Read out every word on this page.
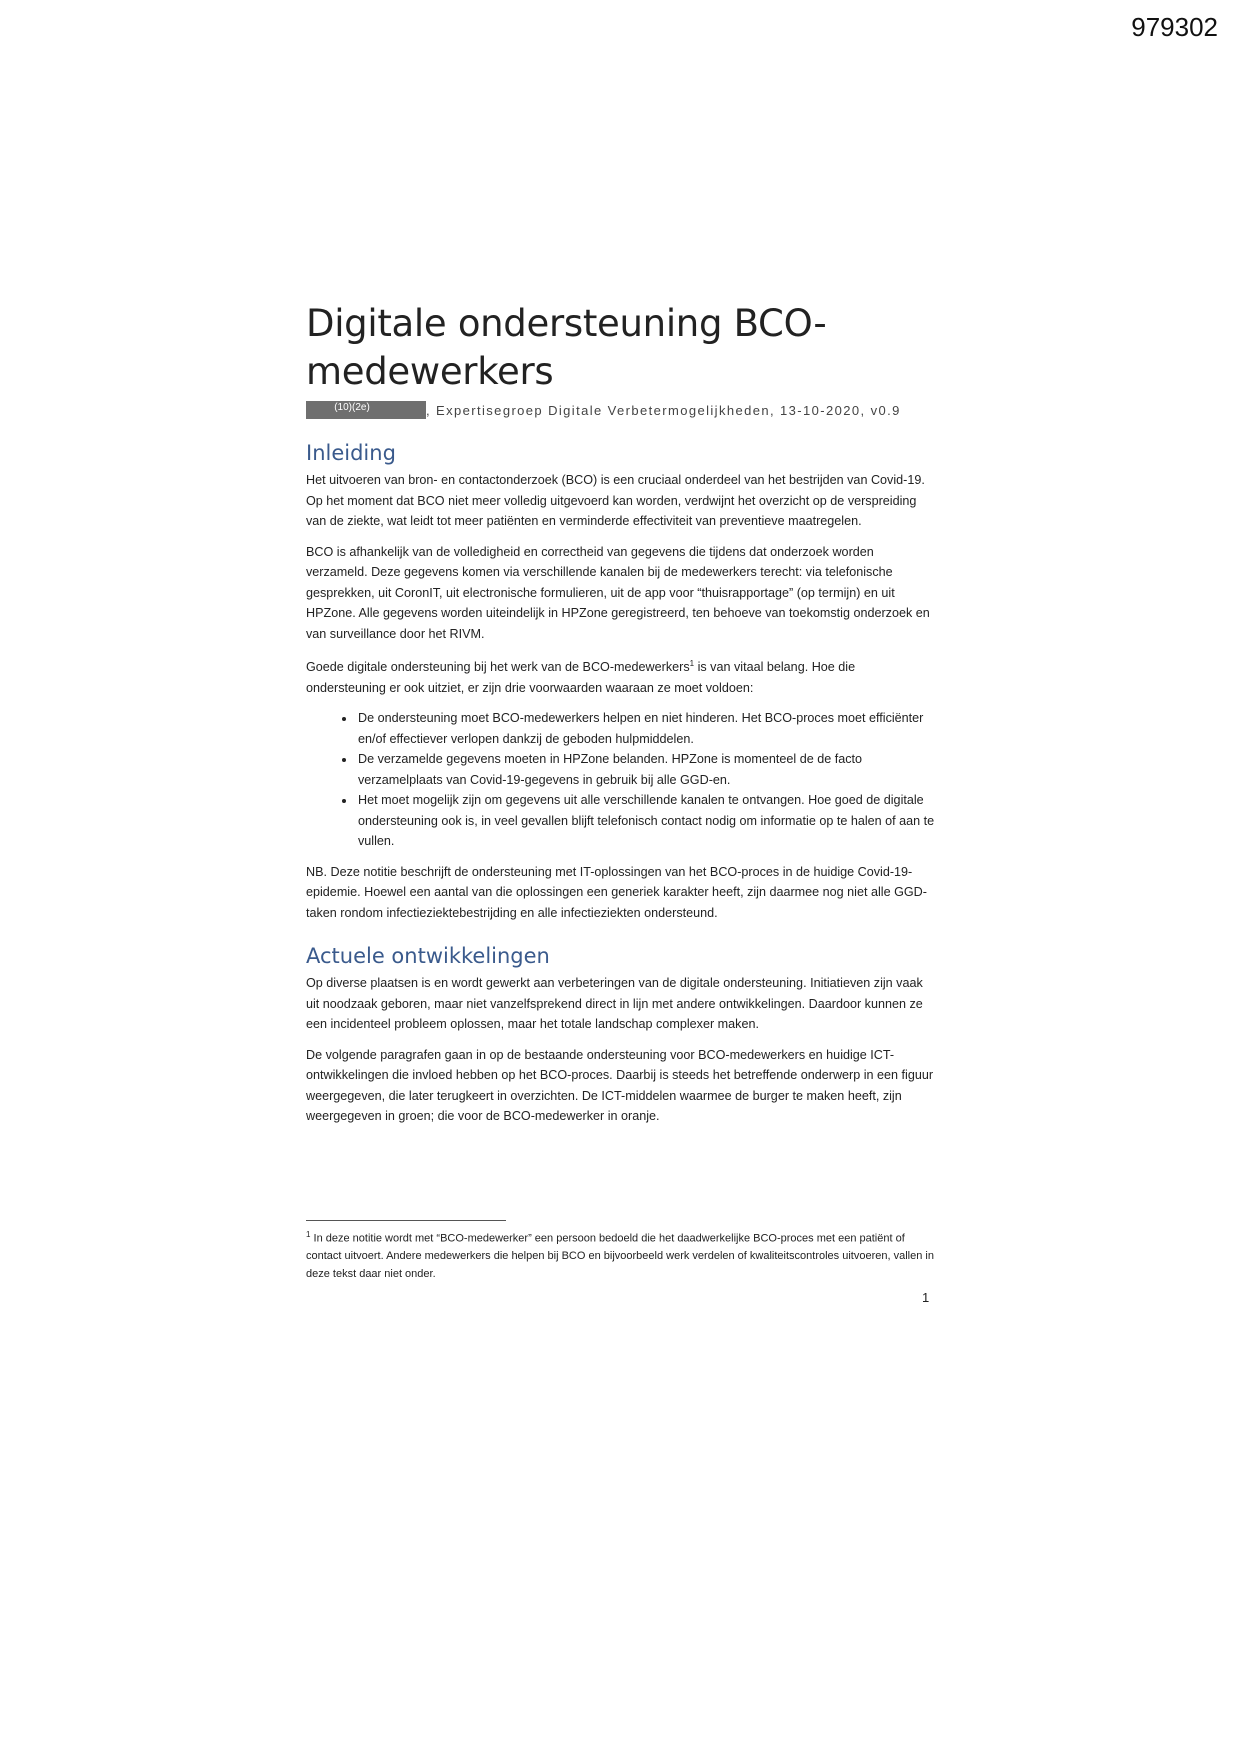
979302
Digitale ondersteuning BCO-medewerkers
(10)(2e)	, Expertisegroep Digitale Verbetermogelijkheden, 13-10-2020, v0.9
Inleiding

Het uitvoeren van bron- en contactonderzoek (BCO) is een cruciaal onderdeel van het bestrijden van Covid-19. Op het moment dat BCO niet meer volledig uitgevoerd kan worden, verdwijnt het overzicht op de verspreiding van de ziekte, wat leidt tot meer patiënten en verminderde effectiviteit van preventieve maatregelen.

BCO is afhankelijk van de volledigheid en correctheid van gegevens die tijdens dat onderzoek worden verzameld. Deze gegevens komen via verschillende kanalen bij de medewerkers terecht: via telefonische gesprekken, uit CoronIT, uit electronische formulieren, uit de app voor “thuisrapportage” (op termijn) en uit HPZone. Alle gegevens worden uiteindelijk in HPZone geregistreerd, ten behoeve van toekomstig onderzoek en van surveillance door het RIVM.

Goede digitale ondersteuning bij het werk van de BCO-medewerkers$^1$ is van vitaal belang. Hoe die ondersteuning er ook uitziet, er zijn drie voorwaarden waaraan ze moet voldoen:

• De ondersteuning moet BCO-medewerkers helpen en niet hinderen. Het BCO-proces moet efficiënter en/of effectiever verlopen dankzij de geboden hulpmiddelen.
• De verzamelde gegevens moeten in HPZone belanden. HPZone is momenteel de de facto verzamelplaats van Covid-19-gegevens in gebruik bij alle GGD-en.
• Het moet mogelijk zijn om gegevens uit alle verschillende kanalen te ontvangen. Hoe goed de digitale ondersteuning ook is, in veel gevallen blijft telefonisch contact nodig om informatie op te halen of aan te vullen.

NB. Deze notitie beschrijft de ondersteuning met IT-oplossingen van het BCO-proces in de huidige Covid-19-epidemie. Hoewel een aantal van die oplossingen een generiek karakter heeft, zijn daarmee nog niet alle GGD-taken rondom infectieziektebestrijding en alle infectieziekten ondersteund.

Actuele ontwikkelingen

Op diverse plaatsen is en wordt gewerkt aan verbeteringen van de digitale ondersteuning. Initiatieven zijn vaak uit noodzaak geboren, maar niet vanzelfsprekend direct in lijn met andere ontwikkelingen. Daardoor kunnen ze een incidenteel probleem oplossen, maar het totale landschap complexer maken.

De volgende paragrafen gaan in op de bestaande ondersteuning voor BCO-medewerkers en huidige ICT-ontwikkelingen die invloed hebben op het BCO-proces. Daarbij is steeds het betreffende onderwerp in een figuur weergegeven, die later terugkeert in overzichten. De ICT-middelen waarmee de burger te maken heeft, zijn weergegeven in groen; die voor de BCO-medewerker in oranje.

$^1$ In deze notitie wordt met “BCO-medewerker” een persoon bedoeld die het daadwerkelijke BCO-proces met een patiënt of contact uitvoert. Andere medewerkers die helpen bij BCO en bijvoorbeeld werk verdelen of kwaliteitscontroles uitvoeren, vallen in deze tekst daar niet onder.
1
